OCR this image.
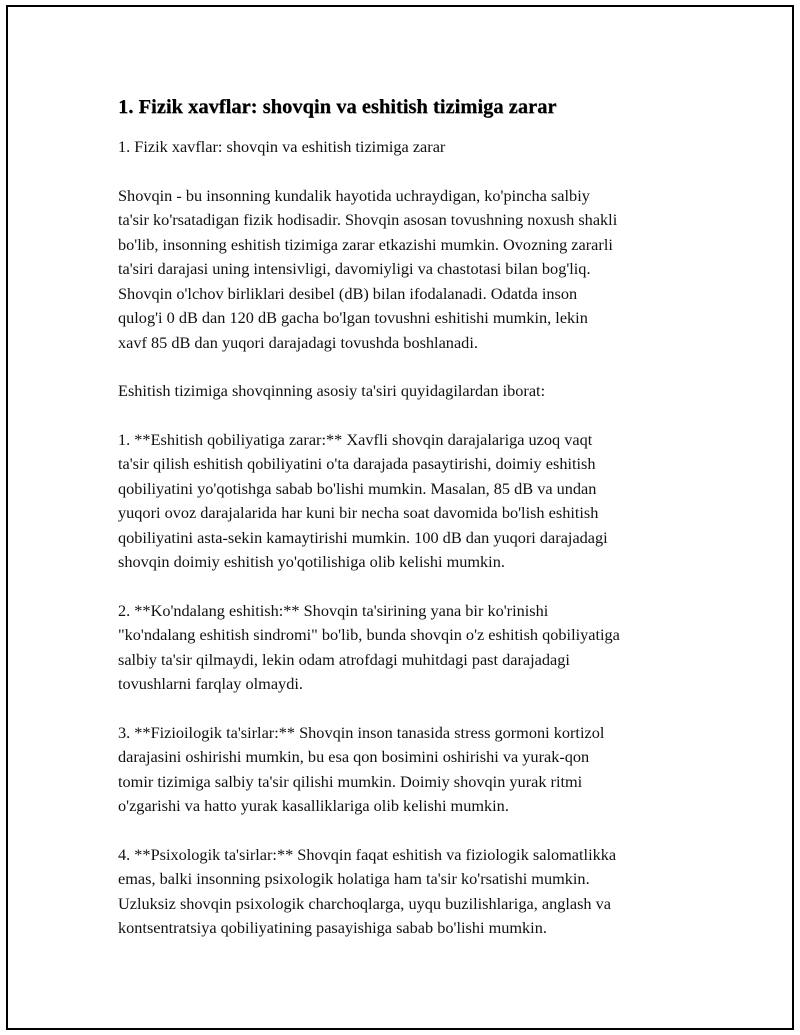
1. Fizik xavflar: shovqin va eshitish tizimiga zarar
1. Fizik xavflar: shovqin va eshitish tizimiga zarar
Shovqin - bu insonning kundalik hayotida uchraydigan, ko'pincha salbiy
ta'sir ko'rsatadigan fizik hodisadir. Shovqin asosan tovushning noxush shakli
bo'lib, insonning eshitish tizimiga zarar etkazishi mumkin. Ovozning zararli
ta'siri darajasi uning intensivligi, davomiyligi va chastotasi bilan bog'liq.
Shovqin o'lchov birliklari desibel (dB) bilan ifodalanadi. Odatda inson
qulog'i 0 dB dan 120 dB gacha bo'lgan tovushni eshitishi mumkin, lekin
xavf 85 dB dan yuqori darajadagi tovushda boshlanadi.
Eshitish tizimiga shovqinning asosiy ta'siri quyidagilardan iborat:
1. **Eshitish qobiliyatiga zarar:** Xavfli shovqin darajalariga uzoq vaqt
ta'sir qilish eshitish qobiliyatini o'ta darajada pasaytirishi, doimiy eshitish
qobiliyatini yo'qotishga sabab bo'lishi mumkin. Masalan, 85 dB va undan
yuqori ovoz darajalarida har kuni bir necha soat davomida bo'lish eshitish
qobiliyatini asta-sekin kamaytirishi mumkin. 100 dB dan yuqori darajadagi
shovqin doimiy eshitish yo'qotilishiga olib kelishi mumkin.
2. **Ko'ndalang eshitish:** Shovqin ta'sirining yana bir ko'rinishi
"ko'ndalang eshitish sindromi" bo'lib, bunda shovqin o'z eshitish qobiliyatiga
salbiy ta'sir qilmaydi, lekin odam atrofdagi muhitdagi past darajadagi
tovushlarni farqlay olmaydi.
3. **Fizioilogik ta'sirlar:** Shovqin inson tanasida stress gormoni kortizol
darajasini oshirishi mumkin, bu esa qon bosimini oshirishi va yurak-qon
tomir tizimiga salbiy ta'sir qilishi mumkin. Doimiy shovqin yurak ritmi
o'zgarishi va hatto yurak kasalliklariga olib kelishi mumkin.
4. **Psixologik ta'sirlar:** Shovqin faqat eshitish va fiziologik salomatlikka
emas, balki insonning psixologik holatiga ham ta'sir ko'rsatishi mumkin.
Uzluksiz shovqin psixologik charchoqlarga, uyqu buzilishlariga, anglash va
kontsentratsiya qobiliyatining pasayishiga sabab bo'lishi mumkin.
